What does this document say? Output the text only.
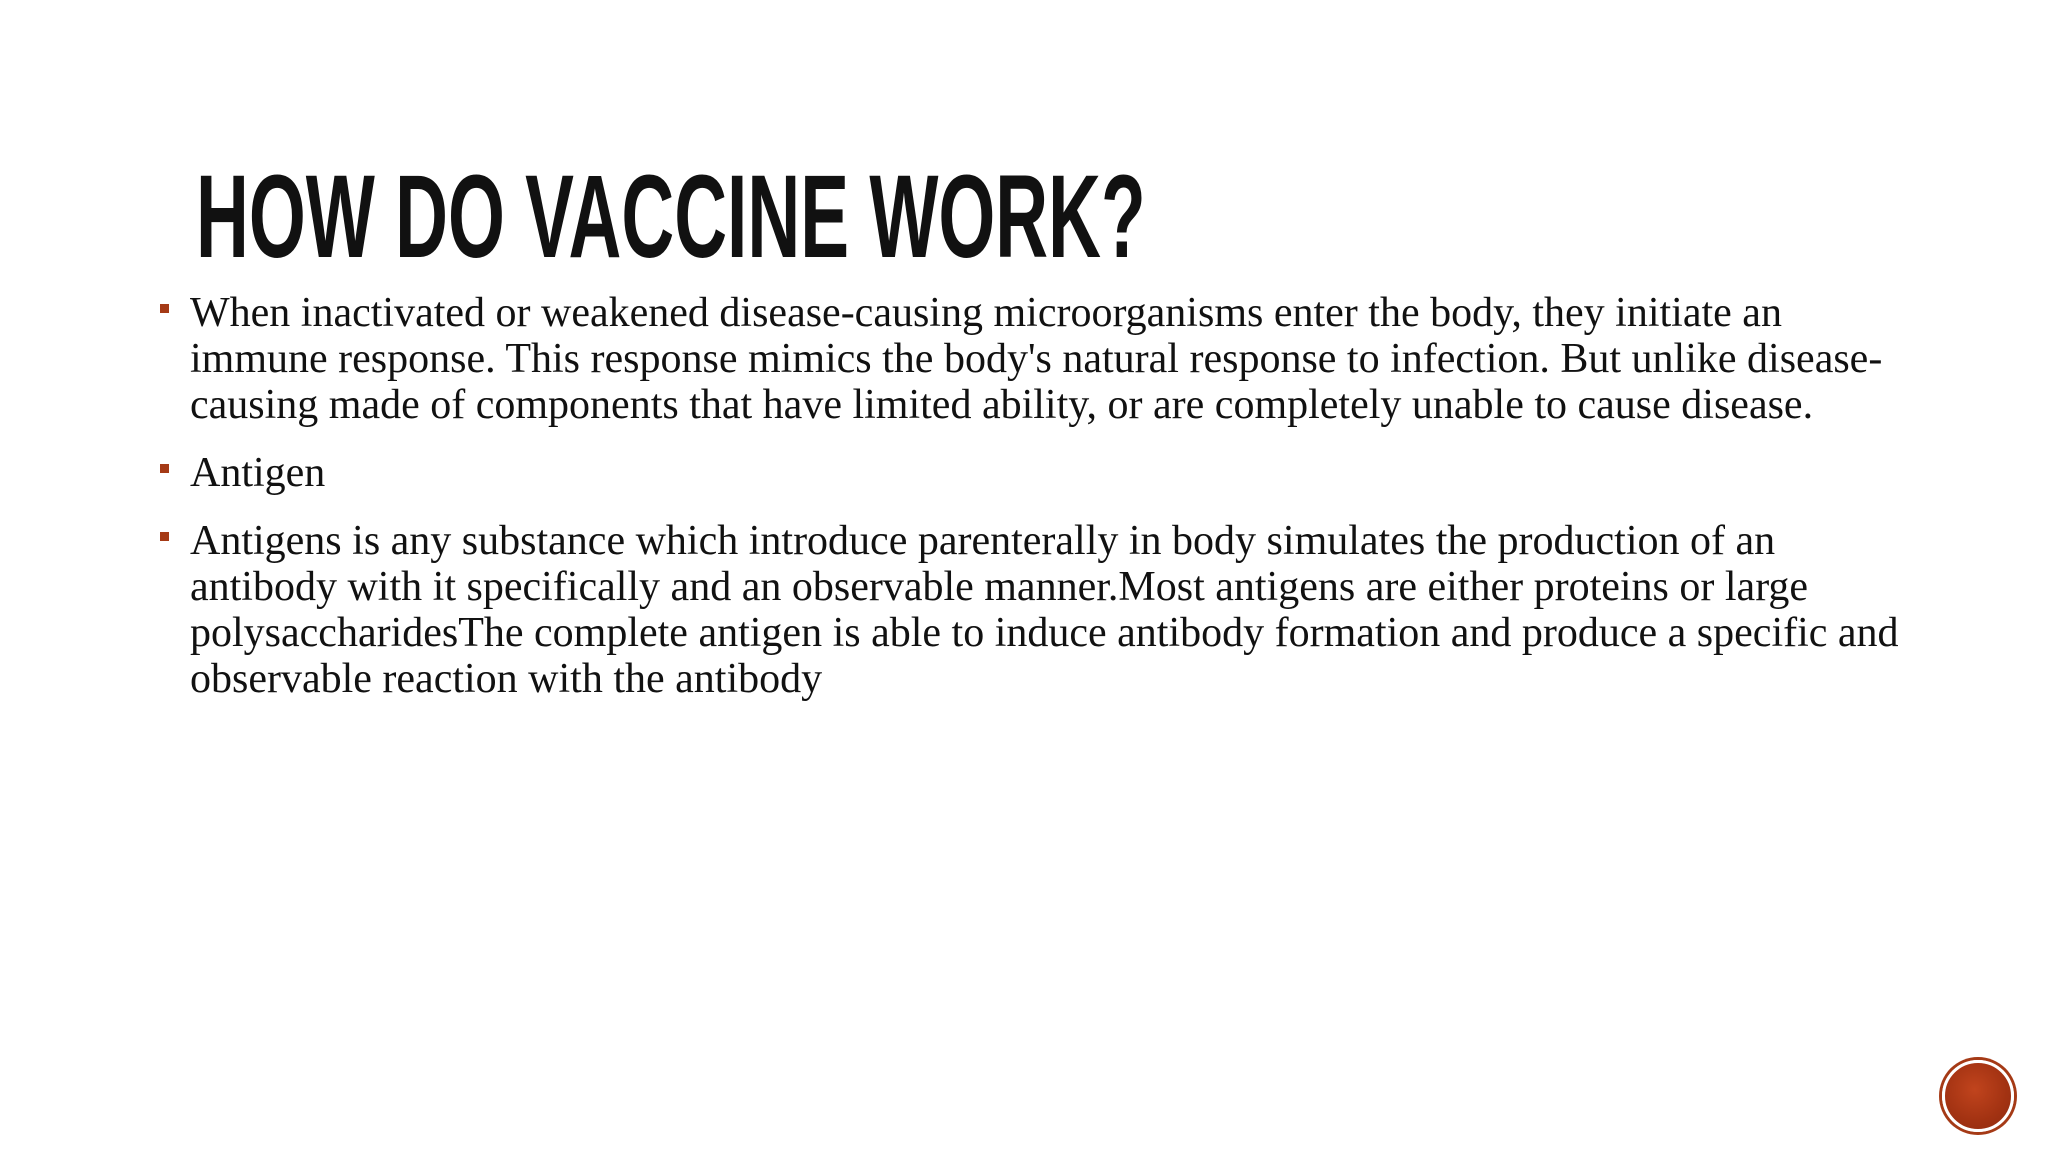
HOW DO VACCINE WORK?

When inactivated or weakened disease-causing microorganisms enter the body, they initiate an immune response. This response mimics the body's natural response to infection. But unlike disease-causing made of components that have limited ability, or are completely unable to cause disease.

Antigen

Antigens is any substance which introduce parenterally in body simulates the production of an antibody with it specifically and an observable manner.Most antigens are either proteins or large polysaccharidesThe complete antigen is able to induce antibody formation and produce a specific and observable reaction with the antibody
